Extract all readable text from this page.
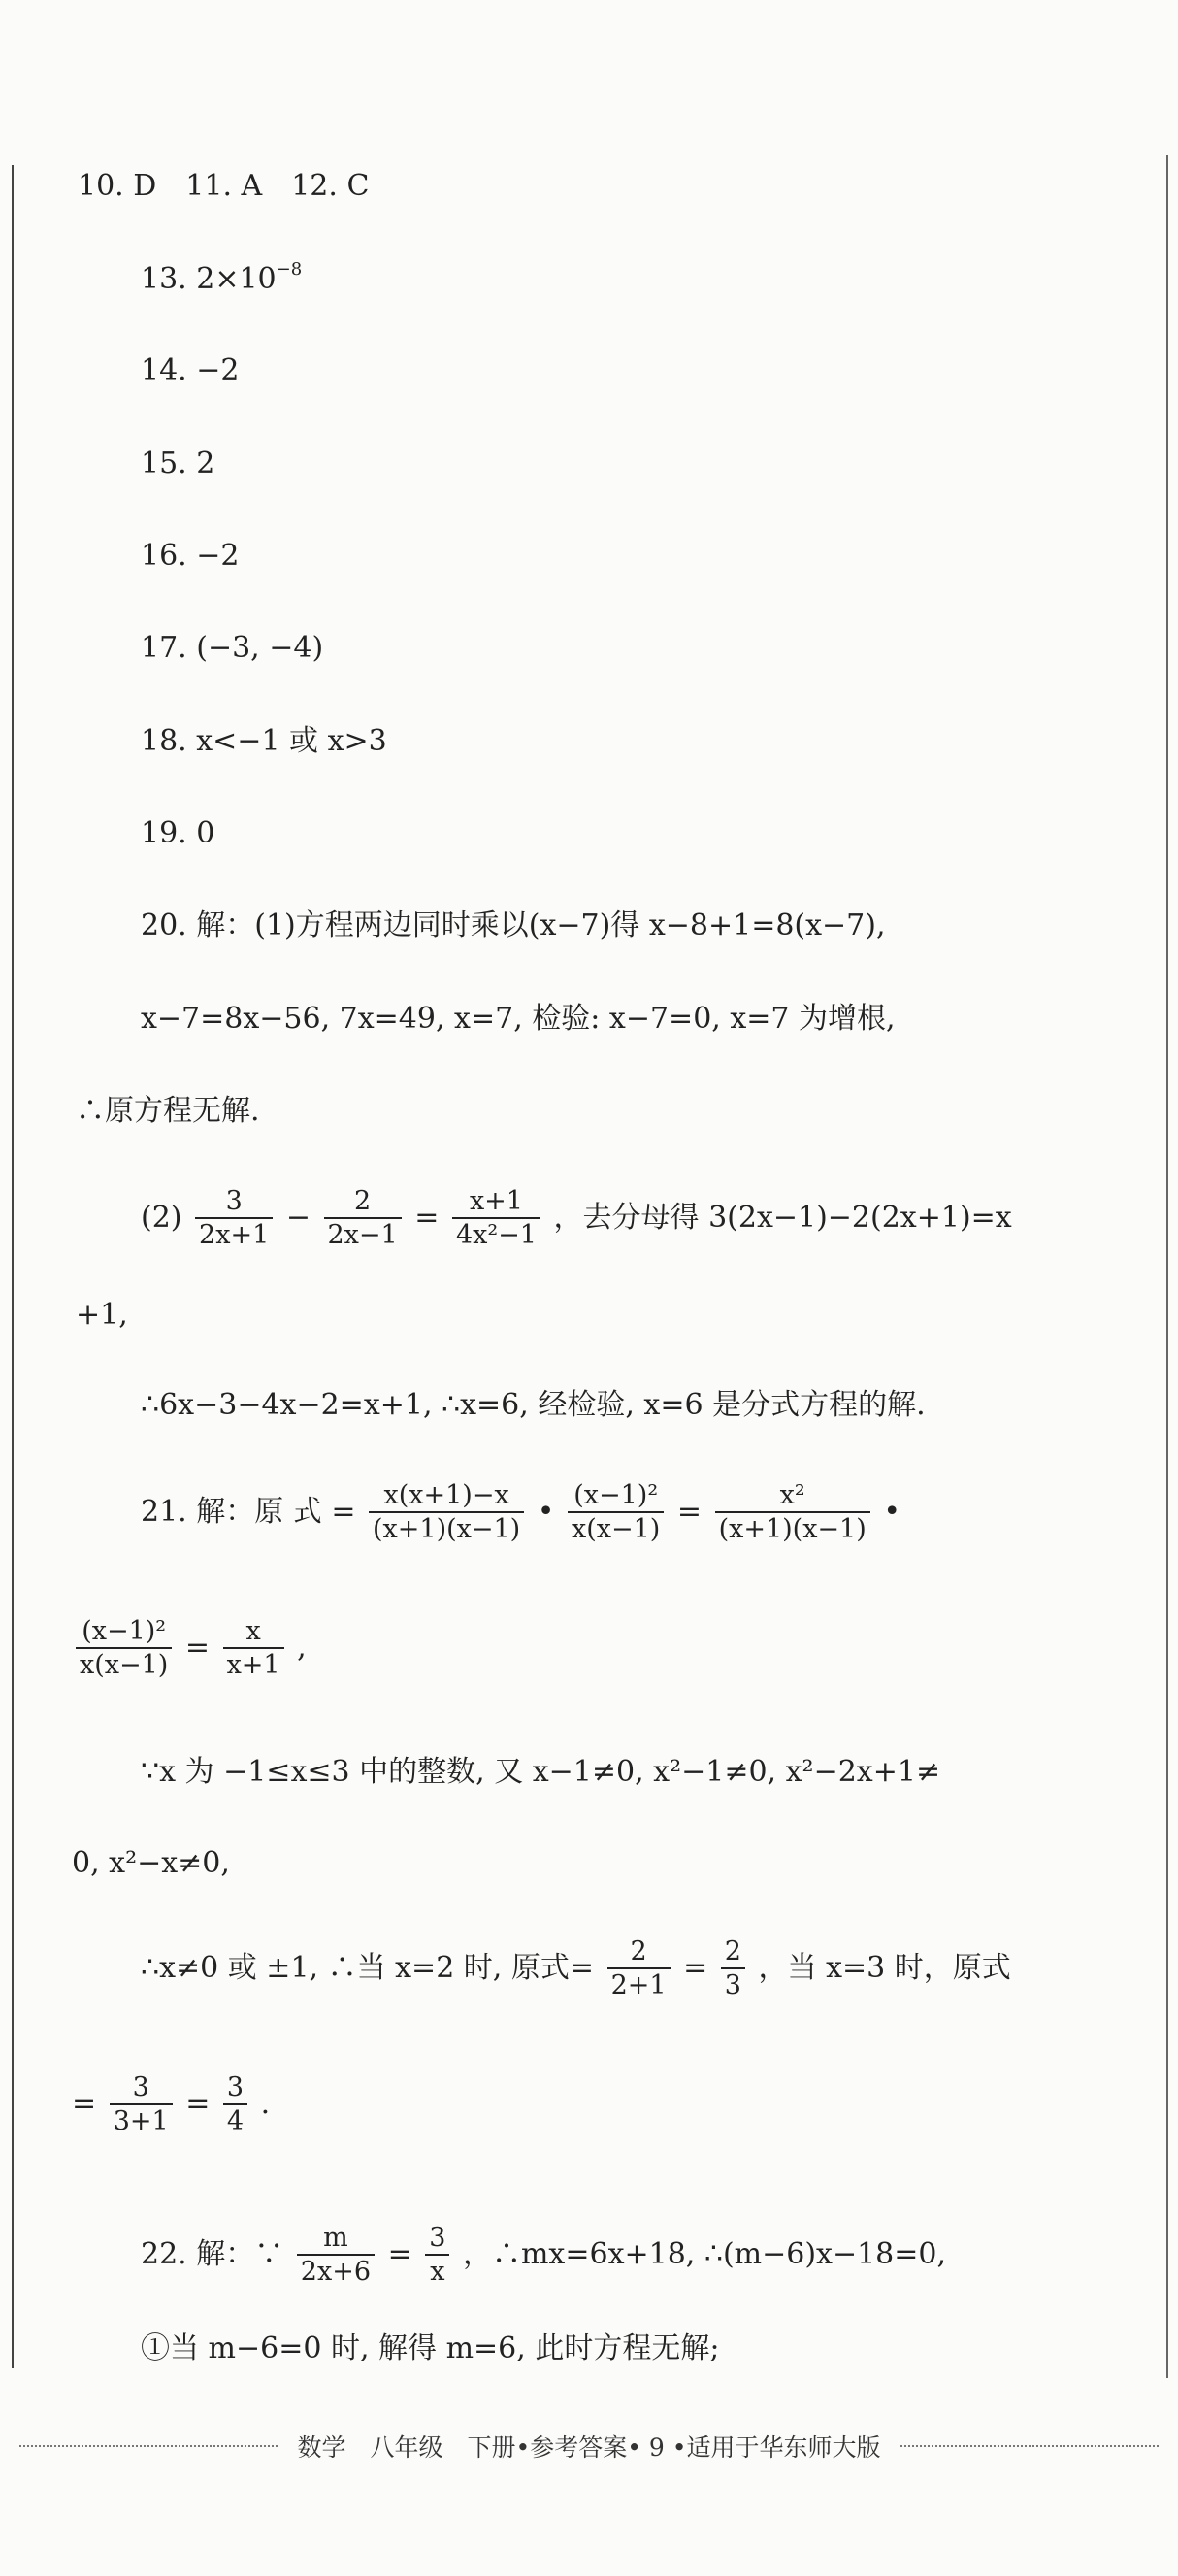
10. D　11. A　12. C
13. $2\times 10^{-8}$
14. −2
15. 2
16. −2
17. (−3, −4)
18. x<−1 或 x>3
19. 0
20. 解：(1)方程两边同时乘以(x−7)得 x−8+1=8(x−7),
x−7=8x−56, 7x=49, x=7, 检验: x−7=0, x=7 为增根,
∴原方程无解.
$(2) \frac{3}{2x+1} - \frac{2}{2x-1} = \frac{x+1}{\text{4x²−1}}$ ，去分母得 3(2x−1)−2(2x+1)=x
+1,
∴6x−3−4x−2=x+1, ∴x=6, 经检验, x=6 是分式方程的解.
21. 解：原 式 = $\frac{x(x+1)-x}{(x+1)(x-1)}$ • $\frac{\text{(x−1)²}}{x(x-1)} = \frac{\text{x²}}{(x+1)(x-1)}$ •
$\frac{\text{(x−1)²}}{x(x-1)} = \frac{x}{x+1}$ ,
∵x 为 −1≤x≤3 中的整数, 又 x−1≠0, x²−1≠0, x²−2x+1≠
0, x²−x≠0,
∴x≠0 或 ±1, ∴当 x=2 时, 原式= $\frac{2}{2+1} = \frac{2}{3}$ ，当 x=3 时，原式
= $\frac{3}{3+1} = \frac{3}{4}$ .
22. 解：∵ $\frac{m}{2x+6} = \frac{3}{x}$ ，∴mx=6x+18, ∴(m−6)x−18=0,
①当 m−6=0 时, 解得 m=6, 此时方程无解;
数学　八年级　下册•参考答案• 9 •适用于华东师大版
